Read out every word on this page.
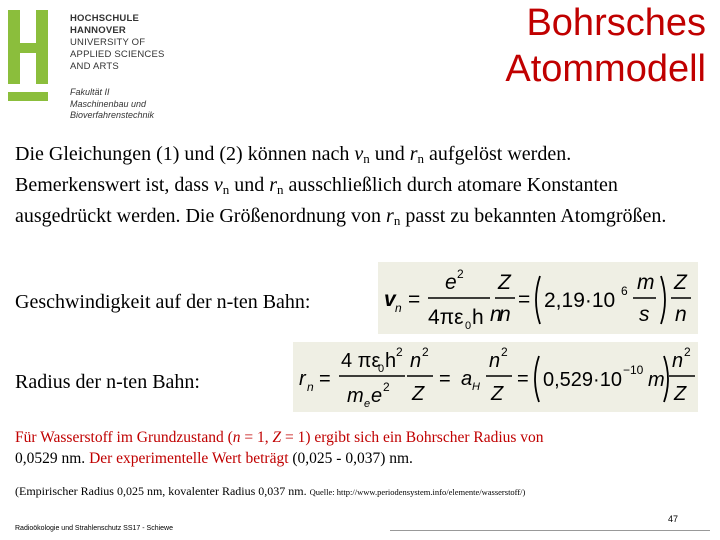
HOCHSCHULE
HANNOVER
UNIVERSITY OF
APPLIED SCIENCES
AND ARTS
Fakultät II
Maschinenbau und
Bioverfahrenstechnik
Bohrsches
Atommodell
Die Gleichungen (1) und (2) können nach $v_n$ und $r_n$ aufgelöst werden.
Bemerkenswert ist, dass $v_n$ und $r_n$ ausschließlich durch atomare Konstanten ausgedrückt werden. Die Größenordnung von $r_n$ passt zu bekannten Atomgrößen.
Geschwindigkeit auf der n-ten Bahn:	v n =
e 2
4πε 0 h n
Z
n
= 2,19·10 6 m
s
Z
n
Radius der n-ten Bahn:	r n =
4 πε
0 h 2
m e e 2
n 2
Z
= a H
n 2
Z
= 0,529·10 −10 m
n 2
Z
Für Wasserstoff im Grundzustand (n = 1, Z = 1) ergibt sich ein Bohrscher Radius von
0,0529 nm. Der experimentelle Wert beträgt (0,025 - 0,037) nm.
(Empirischer Radius 0,025 nm, kovalenter Radius 0,037 nm. Quelle: http://www.periodensystem.info/elemente/wasserstoff/)
Radioökologie und Strahlenschutz SS17 - Schiewe
47
